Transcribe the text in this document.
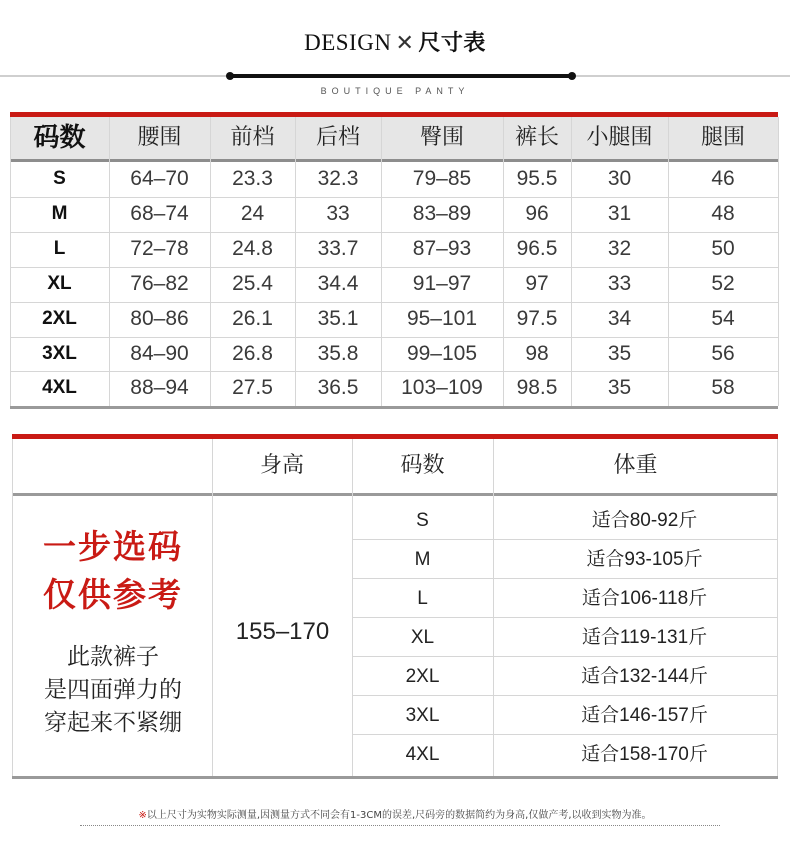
DESIGN ✕ 尺寸表
BOUTIQUE PANTY
码数	腰围	前档	后档	臀围	裤长	小腿围	腿围
S	64–70	23.3	32.3	79–85	95.5	30	46
M	68–74	24	33	83–89	96	31	48
L	72–78	24.8	33.7	87–93	96.5	32	50
XL	76–82	25.4	34.4	91–97	97	33	52
2XL	80–86	26.1	35.1	95–101	97.5	34	54
3XL	84–90	26.8	35.8	99–105	98	35	56
4XL	88–94	27.5	36.5	103–109	98.5	35	58
身高	码数	体重
一步选码
仅供参考
此款裤子
是四面弹力的
穿起来不紧绷
155–170
S	适合80-92斤
M	适合93-105斤
L	适合106-118斤
XL	适合119-131斤
2XL	适合132-144斤
3XL	适合146-157斤
4XL	适合158-170斤
※以上尺寸为实物实际测量,因测量方式不同会有1-3CM的误差,尺码旁的数据简约为身高,仅做产考,以收到实物为准。
